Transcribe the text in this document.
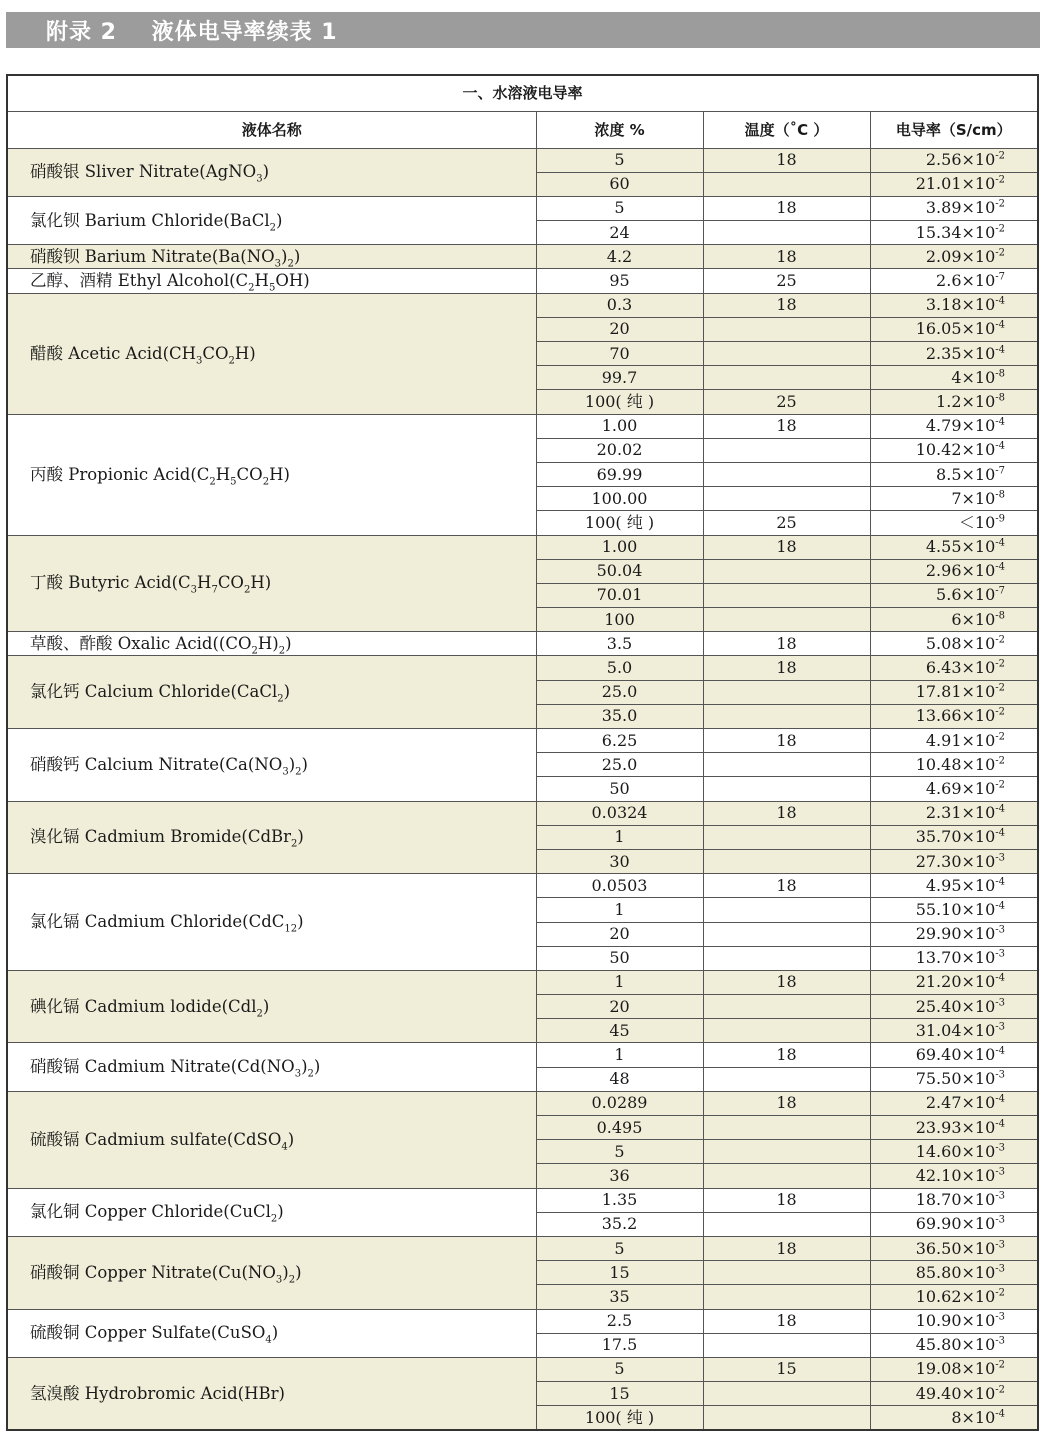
附录 2    液体电导率续表 1
一、水溶液电导率			
液体名称	浓度 %	温度（˚C ）	电导率（S/cm）
硝酸银 Sliver Nitrate(AgNO$_3$)	5	18	$2.56\times 10^{-2}$
	60		$21.01\times 10^{-2}$
氯化钡 Barium Chloride(BaCl$_2$)	5	18	$3.89\times 10^{-2}$
	24		$15.34\times 10^{-2}$
硝酸钡 Barium $Nitrate(Ba(NO_3)_2)$	4.2	18	$2.09\times 10^{-2}$
乙醇、酒精 Ethyl $Alcohol(C_2H_5OH)$	95	25	$2.6\times 10^{-7}$
醋酸 Acetic $Acid(CH_3CO_2H)$	0.3	18	$3.18\times 10^{-4}$
	20		$16.05\times 10^{-4}$
	70		$2.35\times 10^{-4}$
	99.7		$4\times 10^{-8}$
	100( 纯 )	25	$1.2\times 10^{-8}$
丙酸 Propionic $Acid(C_2H_5CO_2H)$	1.00	18	$4.79\times 10^{-4}$
	20.02		$10.42\times 10^{-4}$
	69.99		$8.5\times 10^{-7}$
	100.00		$7\times 10^{-8}$
	100( 纯 )	25	$<10^{-9}$
丁酸 Butyric $Acid(C_3H_7CO_2H)$	1.00	18	$4.55\times 10^{-4}$
	50.04		$2.96\times 10^{-4}$
	70.01		$5.6\times 10^{-7}$
	100		$6\times 10^{-8}$
草酸、酢酸 Oxalic $Acid((CO_2H)_2)$	3.5	18	$5.08\times 10^{-2}$
氯化钙 Calcium Chloride(CaCl$_2$)	5.0	18	$6.43\times 10^{-2}$
	25.0		$17.81\times 10^{-2}$
	35.0		$13.66\times 10^{-2}$
硝酸钙 Calcium $Nitrate(Ca(NO_3)_2)$	6.25	18	$4.91\times 10^{-2}$
	25.0		$10.48\times 10^{-2}$
	50		$4.69\times 10^{-2}$
溴化镉 Cadmium Bromide(CdBr$_2$)	0.0324	18	$2.31\times 10^{-4}$
	1		$35.70\times 10^{-4}$
	30		$27.30\times 10^{-3}$
氯化镉 Cadmium Chloride(CdC$_{12}$)	0.0503	18	$4.95\times 10^{-4}$
	1		$55.10\times 10^{-4}$
	20		$29.90\times 10^{-3}$
	50		$13.70\times 10^{-3}$
碘化镉 Cadmium lodide(Cdl$_2$)	1	18	$21.20\times 10^{-4}$
	20		$25.40\times 10^{-3}$
	45		$31.04\times 10^{-3}$
硝酸镉 Cadmium $Nitrate(Cd(NO_3)_2)$	1	18	$69.40\times 10^{-4}$
	48		$75.50\times 10^{-3}$
硫酸镉 Cadmium sulfate(CdSO$_4$)	0.0289	18	$2.47\times 10^{-4}$
	0.495		$23.93\times 10^{-4}$
	5		$14.60\times 10^{-3}$
	36		$42.10\times 10^{-3}$
氯化铜 Copper Chloride(CuCl$_2$)	1.35	18	$18.70\times 10^{-3}$
	35.2		$69.90\times 10^{-3}$
硝酸铜 Copper $Nitrate(Cu(NO_3)_2)$	5	18	$36.50\times 10^{-3}$
	15		$85.80\times 10^{-3}$
	35		$10.62\times 10^{-2}$
硫酸铜 Copper Sulfate(CuSO$_4$)	2.5	18	$10.90\times 10^{-3}$
	17.5		$45.80\times 10^{-3}$
氢溴酸 Hydrobromic Acid(HBr)	5	15	$19.08\times 10^{-2}$
	15		$49.40\times 10^{-2}$
	100( 纯 )		$8\times 10^{-4}$
